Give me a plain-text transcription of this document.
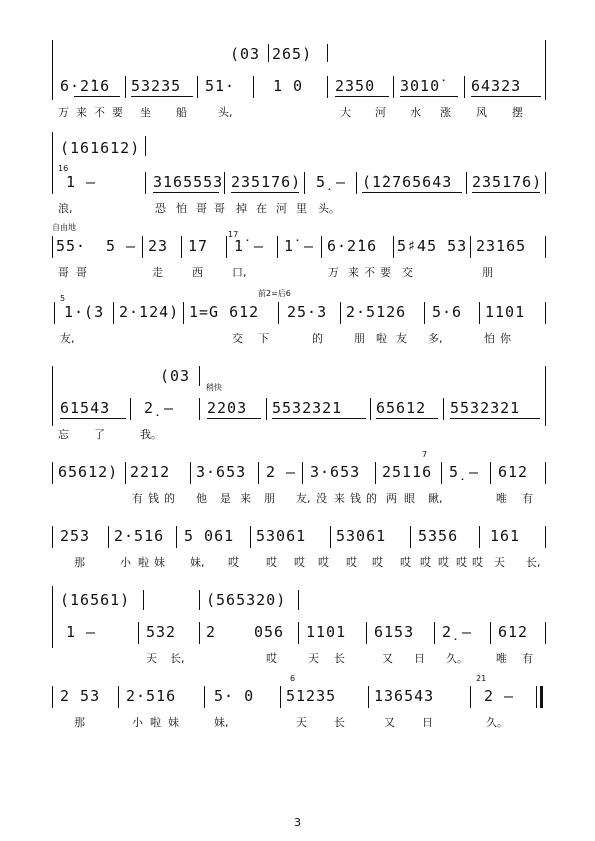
(03 265)
6·2̇16 53235 51·	1 0 2350 3010̇ 64323
万 来 不 要 坐 船	头,	大 河 水 涨 风 摆
(161612)
16
1 —	3165553 235176) 5̣ — (1̇2765643 235176)
浪,	恐 怕 哥 哥 掉 在 河 里 头。
自由地
17
55· 5 — 23 17 1̇ — 1̇ — 6·2̇16 5♯45 53 23165
哥 哥	走	西	口,	万 来 不 要 交	朋
前2=后6
5
1·(3 2·124) 1=G 612 25·3 2·5126 5·6 1101
友,	交 下	的	朋 啦 友 多,	怕 你
(03
稍快
61543 2̣ — 2203 5532321 65612 5532321
忘 了	我。
7
65612) 2212 3·653 2 — 3·653 25116 5̣ — 612
有 钱 的 他 是 来 朋 友, 没 来 钱 的 两 眼 瞅,	唯 有
253 2·516 5 061 53061 53061 5356 161
那	小 啦 妹 妹, 哎 哎 哎 哎 哎 哎 哎 哎 哎 哎 哎 天 长,
(16561)	(565320)
1 —	532 2	056 1101 6153 2̣ — 612
天 长,	哎	天 长	又 日 久。	唯 有
6	21
2 53 2·516	5· 0 51235	136543	2 —
那	小 啦 妹	妹,	天 长	又 日	久。
3
